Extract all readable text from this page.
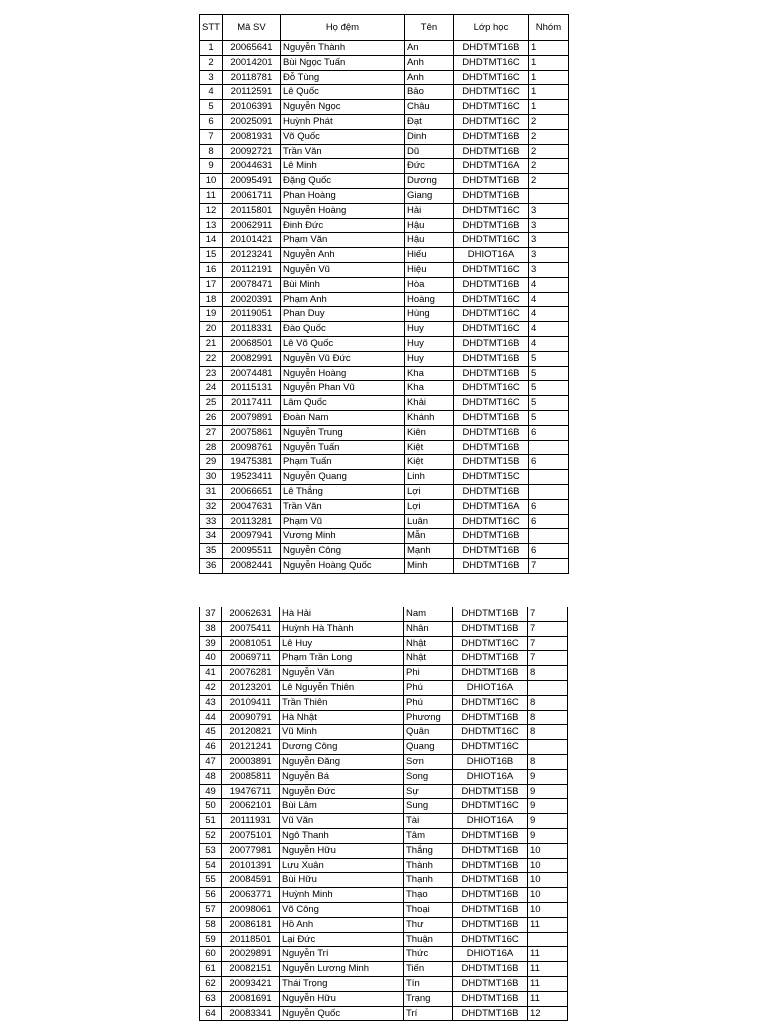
STT	Mã SV	Họ đệm	Tên	Lớp học	Nhóm
1	20065641	Nguyễn Thành	An	DHDTMT16B	1
2	20014201	Bùi Ngọc Tuấn	Anh	DHDTMT16C	1
3	20118781	Đỗ Tùng	Anh	DHDTMT16C	1
4	20112591	Lê Quốc	Bảo	DHDTMT16C	1
5	20106391	Nguyễn Ngọc	Châu	DHDTMT16C	1
6	20025091	Huỳnh Phát	Đạt	DHDTMT16C	2
7	20081931	Võ Quốc	Dinh	DHDTMT16B	2
8	20092721	Trần Văn	Dũ	DHDTMT16B	2
9	20044631	Lê Minh	Đức	DHDTMT16A	2
10	20095491	Đặng Quốc	Dương	DHDTMT16B	2
11	20061711	Phan Hoàng	Giang	DHDTMT16B	
12	20115801	Nguyễn Hoàng	Hải	DHDTMT16C	3
13	20062911	Đinh Đức	Hậu	DHDTMT16B	3
14	20101421	Phạm Văn	Hậu	DHDTMT16C	3
15	20123241	Nguyễn Anh	Hiếu	DHIOT16A	3
16	20112191	Nguyễn Vũ	Hiệu	DHDTMT16C	3
17	20078471	Bùi Minh	Hòa	DHDTMT16B	4
18	20020391	Phạm Anh	Hoàng	DHDTMT16C	4
19	20119051	Phan Duy	Hùng	DHDTMT16C	4
20	20118331	Đào Quốc	Huy	DHDTMT16C	4
21	20068501	Lê Võ Quốc	Huy	DHDTMT16B	4
22	20082991	Nguyễn Vũ Đức	Huy	DHDTMT16B	5
23	20074481	Nguyễn Hoàng	Kha	DHDTMT16B	5
24	20115131	Nguyễn Phan Vũ	Kha	DHDTMT16C	5
25	20117411	Lâm Quốc	Khải	DHDTMT16C	5
26	20079891	Đoàn Nam	Khánh	DHDTMT16B	5
27	20075861	Nguyễn Trung	Kiên	DHDTMT16B	6
28	20098761	Nguyễn Tuấn	Kiệt	DHDTMT16B	
29	19475381	Phạm Tuấn	Kiệt	DHDTMT15B	6
30	19523411	Nguyễn Quang	Linh	DHDTMT15C	
31	20066651	Lê Thắng	Lợi	DHDTMT16B	
32	20047631	Trần Văn	Lợi	DHDTMT16A	6
33	20113281	Phạm Vũ	Luân	DHDTMT16C	6
34	20097941	Vương Minh	Mẫn	DHDTMT16B	
35	20095511	Nguyễn Công	Mạnh	DHDTMT16B	6
36	20082441	Nguyễn Hoàng Quốc	Minh	DHDTMT16B	7
37	20062631	Hà Hải	Nam	DHDTMT16B	7
38	20075411	Huỳnh Hà Thành	Nhân	DHDTMT16B	7
39	20081051	Lê Huy	Nhật	DHDTMT16C	7
40	20069711	Phạm Trần Long	Nhật	DHDTMT16B	7
41	20076281	Nguyễn Văn	Phi	DHDTMT16B	8
42	20123201	Lê Nguyễn Thiên	Phú	DHIOT16A	
43	20109411	Trần Thiên	Phú	DHDTMT16C	8
44	20090791	Hà Nhật	Phương	DHDTMT16B	8
45	20120821	Vũ Minh	Quân	DHDTMT16C	8
46	20121241	Dương Công	Quang	DHDTMT16C	
47	20003891	Nguyễn Đăng	Sơn	DHIOT16B	8
48	20085811	Nguyễn Bá	Song	DHIOT16A	9
49	19476711	Nguyễn Đức	Sự	DHDTMT15B	9
50	20062101	Bùi Lâm	Sung	DHDTMT16C	9
51	20111931	Vũ Văn	Tài	DHIOT16A	9
52	20075101	Ngô Thanh	Tâm	DHDTMT16B	9
53	20077981	Nguyễn Hữu	Thắng	DHDTMT16B	10
54	20101391	Lưu Xuân	Thành	DHDTMT16B	10
55	20084591	Bùi Hữu	Thạnh	DHDTMT16B	10
56	20063771	Huỳnh Minh	Thạo	DHDTMT16B	10
57	20098061	Võ Công	Thoại	DHDTMT16B	10
58	20086181	Hồ Anh	Thư	DHDTMT16B	11
59	20118501	Lại Đức	Thuận	DHDTMT16C	
60	20029891	Nguyễn Trí	Thức	DHIOT16A	11
61	20082151	Nguyễn Lương Minh	Tiến	DHDTMT16B	11
62	20093421	Thái Trọng	Tín	DHDTMT16B	11
63	20081691	Nguyễn Hữu	Trạng	DHDTMT16B	11
64	20083341	Nguyễn Quốc	Trí	DHDTMT16B	12
